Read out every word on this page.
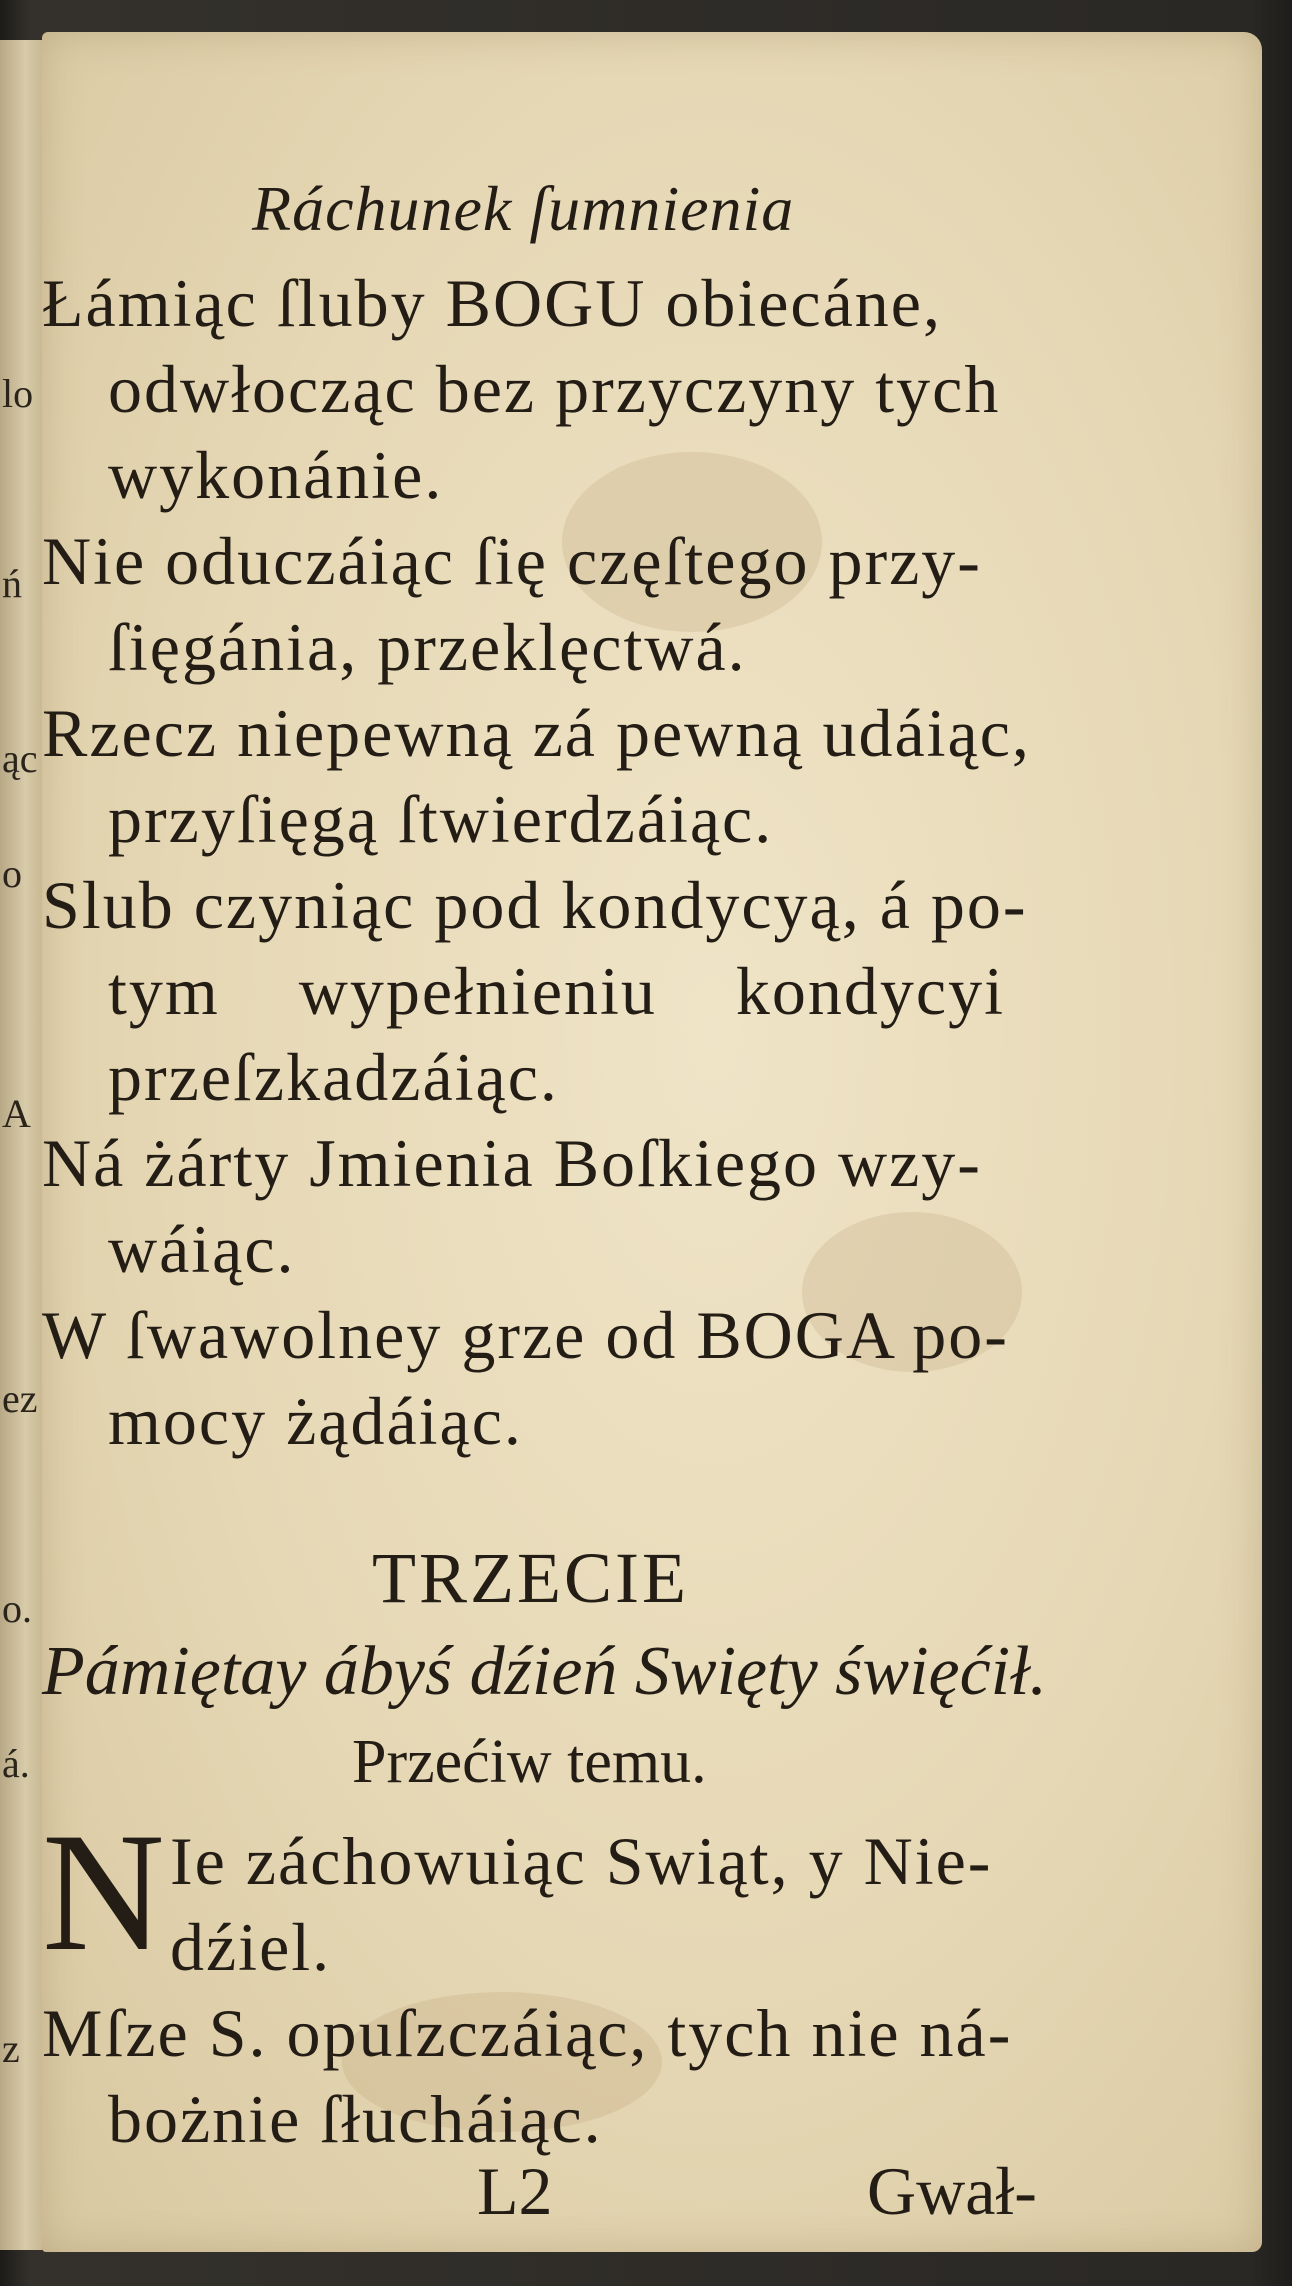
lo
ń
ąc
o
A
ez
o.
á.
z
Ráchunek ſumnienia
Łámiąc ſluby BOGU obiecáne,
odwłocząc bez przyczyny tych
wykonánie.
Nie oduczáiąc ſię częſtego przy-
ſięgánia, przeklęctwá.
Rzecz niepewną zá pewną udáiąc,
przyſięgą ſtwierdzáiąc.
Slub czyniąc pod kondycyą, á po-
tym wypełnieniu kondycyi
przeſzkadzáiąc.
Ná żárty Jmienia Boſkiego wzy-
wáiąc.
W ſwawolney grze od BOGA po-
mocy żądáiąc.
TRZECIE
Pámiętay ábyś dźień Swięty święćił.
Przećiw temu.
N Ie záchowuiąc Swiąt, y Nie-
dźiel.
Mſze S. opuſzczáiąc, tych nie ná-
bożnie ſłucháiąc.
L2	Gwał-
